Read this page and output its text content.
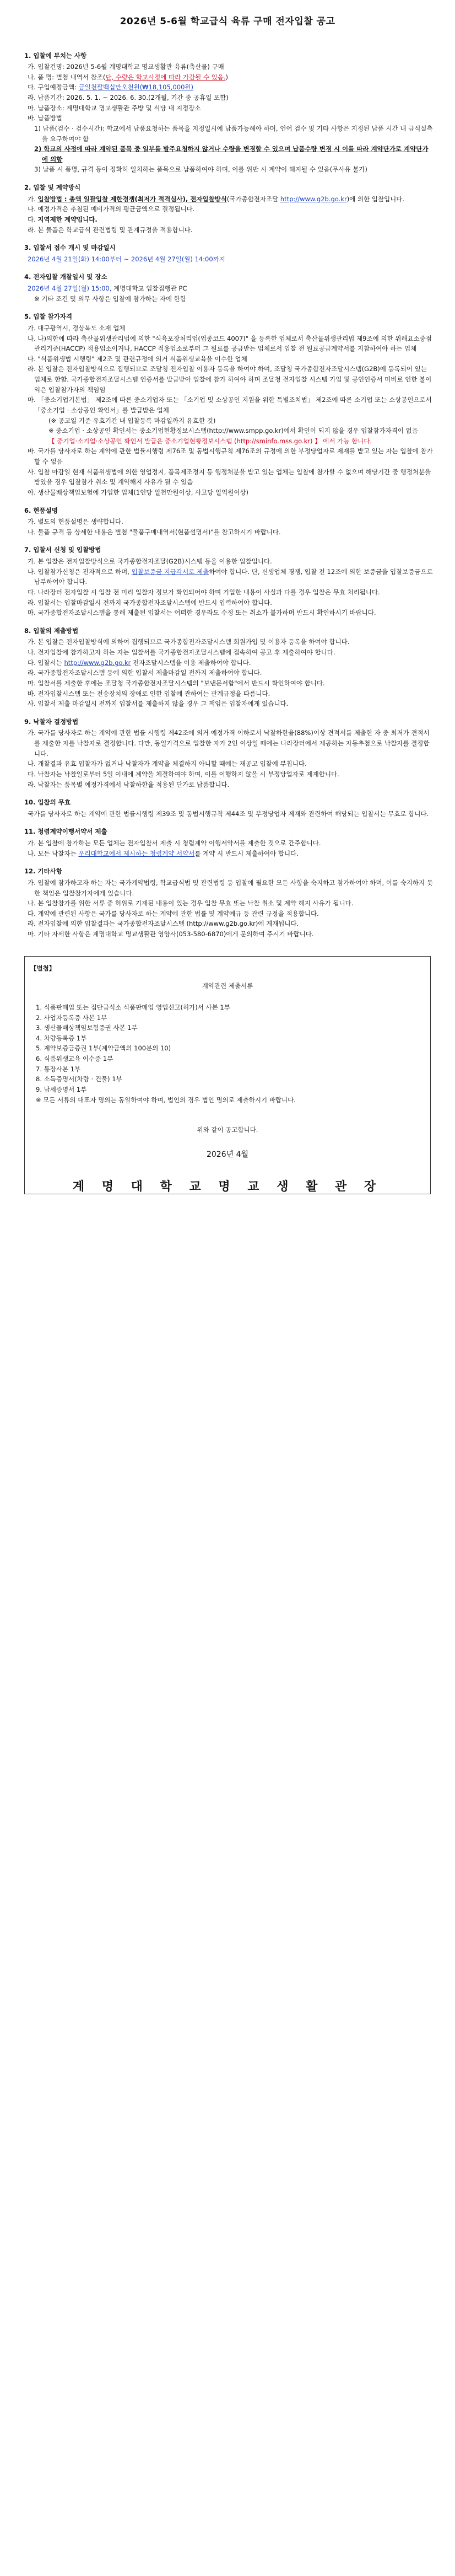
2026년 5-6월 학교급식 육류 구매 전자입찰 공고

1. 입찰에 부치는 사항

가. 입찰건명: 2026년 5-6월 계명대학교 명교생활관 육류(축산물) 구매

나. 품 명: 별첨 내역서 참조(단, 수량은 학교사정에 따라 가감될 수 있음.)

다. 구입예정금액: 금일천팔백십만오천원(₩18,105,000원)

라. 납품기간: 2026. 5. 1. ~ 2026. 6. 30.(2개월, 기간 중 공휴일 포함)

마. 납품장소: 계명대학교 명교생활관 주방 및 식당 내 지정장소

바. 납품방법

1) 납품(검수 · 검수시간): 학교에서 납품요청하는 품목을 지정일시에 납품가능해야 하며, 언어 검수 및 기타 사항은 지정된 납품 시간 내 급식실측을 요구하여야 함

2) 학교의 사정에 따라 계약된 품목 중 일부를 발주요청하지 않거나 수량을 변경할 수 있으며 납품수량 변경 시 이를 따라 계약단가로 계약단가에 의함

3) 납품 시 품명, 규격 등이 정확히 일치하는 품목으로 납품하여야 하며, 이를 위반 시 계약이 해지될 수 있음(무사유 불가)

2. 입찰 및 계약방식

가. 입찰방법 : 총액 일괄입찰 제한경쟁(최저가 적격심사), 전자입찰방식(국가종합전자조달 http://www.g2b.go.kr)에 의한 입찰입니다.

나. 예정가격은 추첨된 예비가격의 평균금액으로 결정됩니다.

다. 지역제한 계약입니다.

라. 본 물품은 학교급식 관련법령 및 관계규정을 적용합니다.

3. 입찰서 접수 개시 및 마감일시

2026년 4월 21일(화) 14:00부터 ~ 2026년 4월 27일(월) 14:00까지

4. 전자입찰 개찰일시 및 장소

2026년 4월 27일(월) 15:00, 계명대학교 입찰집행관 PC

※ 기타 조건 및 의무 사항은 입찰에 참가하는 자에 한함

5. 입찰 참가자격

가. 대구광역시, 경상북도 소재 업체

나. 나)의한에 따라 축산물위생관리법에 의한 "식육포장처리업(업종코드 4007)" 을 등록한 업체로서 축산물위생관리법 제9조에 의한 위해요소중점관리기준(HACCP) 적용업소이거나, HACCP 적용업소로부터 그 원료를 공급받는 업체로서 입찰 전 원료공급계약서를 지참하여야 하는 업체

다. "식품위생법 시행령" 제2조 및 관련규정에 의거 식품위생교육을 이수한 업체

라. 본 입찰은 전자입찰방식으로 집행되므로 조달청 전자입찰 이용자 등록을 하여야 하며, 조달청 국가종합전자조달시스템(G2B)에 등록되어 있는 업체로 한함. 국가종합전자조달시스템 인증서를 발급받아 입찰에 참가 하여야 하며 조달청 전자입찰 시스템 가입 및 공인인증서 미비로 인한 불이익은 입찰참가자의 책임임

마. 「중소기업기본법」 제2조에 따른 중소기업자 또는 「소기업 및 소상공인 지원을 위한 특별조치법」 제2조에 따른 소기업 또는 소상공인으로서 「중소기업 · 소상공인 확인서」를 발급받은 업체

(※ 공고일 기준 유효기간 내 입찰등록 마감일까지 유효한 것)

※ 중소기업 · 소상공인 확인서는 중소기업현황정보시스템(http://www.smpp.go.kr)에서 확인이 되지 않을 경우 입찰참가자격이 없음

【 중기업·소기업·소상공인 확인서 발급은 중소기업현황정보시스템 (http://sminfo.mss.go.kr) 】 에서 가능 합니다.

바. 국가를 당사자로 하는 계약에 관한 법률시행령 제76조 및 동법시행규칙 제76조의 규정에 의한 부정당업자로 제재를 받고 있는 자는 입찰에 참가할 수 없음

사. 입찰 마감일 현재 식품위생법에 의한 영업정지, 품목제조정지 등 행정처분을 받고 있는 업체는 입찰에 참가할 수 없으며 해당기간 중 행정처분을 받았을 경우 입찰참가 취소 및 계약해지 사유가 될 수 있음

아. 생산물배상책임보험에 가입한 업체(1인당 일천만원이상, 사고당 일억원이상)

6. 현품설명

가. 별도의 현품설명은 생략합니다.

나. 물품 규격 등 상세한 내용은 별첨 "물품구매내역서(현품설명서)"를 참고하시기 바랍니다.

7. 입찰서 신청 및 입찰방법

가. 본 입찰은 전자입찰방식으로 국가종합전자조달(G2B)시스템 등을 이용한 입찰입니다.

나. 입찰참가신청은 전자적으로 하며, 입찰보증금 지급각서로 제출하여야 합니다. 단, 신생업체 경쟁, 입찰 전 12조에 의한 보증금을 입찰보증금으로 납부하여야 합니다.

다. 나라장터 전자입찰 시 입찰 전 미리 입찰자 정보가 확인되어야 하며 기입한 내용이 사실과 다를 경우 입찰은 무효 처리됩니다.

라. 입찰서는 입찰마감일시 전까지 국가종합전자조달시스템에 반드시 입력하여야 합니다.

마. 국가종합전자조달시스템을 통해 제출된 입찰서는 어떠한 경우라도 수정 또는 취소가 불가하며 반드시 확인하시기 바랍니다.

8. 입찰의 제출방법

가. 본 입찰은 전자입찰방식에 의하여 집행되므로 국가종합전자조달시스템 회원가입 및 이용자 등록을 하여야 합니다.

나. 전자입찰에 참가하고자 하는 자는 입찰서를 국가종합전자조달시스템에 접속하여 공고 후 제출하여야 합니다.

다. 입찰서는 http://www.g2b.go.kr 전자조달시스템을 이용 제출하여야 합니다.

라. 국가종합전자조달시스템 등에 의한 입찰서 제출마감일 전까지 제출하여야 합니다.

마. 입찰서를 제출한 후에는 조달청 국가종합전자조달시스템의 "보낸문서함"에서 반드시 확인하여야 합니다.

바. 전자입찰시스템 또는 전송장치의 장애로 인한 입찰에 관하여는 관계규정을 따름니다.

사. 입찰서 제출 마감일시 전까지 입찰서를 제출하지 않을 경우 그 책임은 입찰자에게 있습니다.

9. 낙찰자 결정방법

가. 국가를 당사자로 하는 계약에 관한 법률 시행령 제42조에 의거 예정가격 이하로서 낙찰하한율(88%)이상 견적서를 제출한 자 중 최저가 견적서를 제출한 자를 낙찰자로 결정합니다. 다만, 동일가격으로 입찰한 자가 2인 이상일 때에는 나라장터에서 제공하는 자동추첨으로 낙찰자를 결정합니다.

나. 개찰결과 유효 입찰자가 없거나 낙찰자가 계약을 체결하지 아니할 때에는 재공고 입찰에 부칩니다.

다. 낙찰자는 낙찰일로부터 5일 이내에 계약을 체결하여야 하며, 이를 이행하지 않을 시 부정당업자로 제재합니다.

라. 낙찰자는 품목별 예정가격에서 낙찰하한율 적용된 단가로 납품합니다.

10. 입찰의 무효

국가를 당사자로 하는 계약에 관한 법률시행령 제39조 및 동법시행규칙 제44조 및 부정당업자 제재와 관련하여 해당되는 입찰서는 무효로 합니다.

11. 청렴계약이행서약서 제출

가. 본 입찰에 참가하는 모든 업체는 전자입찰서 제출 시 청렴계약 이행서약서를 제출한 것으로 간주합니다.

나. 모든 낙찰자는 우리대학교에서 제시하는 청렴계약 서약서를 계약 시 반드시 제출하여야 합니다.

12. 기타사항

가. 입찰에 참가하고자 하는 자는 국가계약법령, 학교급식법 및 관련법령 등 입찰에 필요한 모든 사항을 숙지하고 참가하여야 하며, 이를 숙지하지 못한 책임은 입찰참가자에게 있습니다.

나. 본 입찰참가를 위한 서류 중 허위로 기재된 내용이 있는 경우 입찰 무효 또는 낙찰 취소 및 계약 해지 사유가 됩니다.

다. 계약에 관련된 사항은 국가를 당사자로 하는 계약에 관한 법률 및 계약예규 등 관련 규정을 적용합니다.

라. 전자입찰에 의한 입찰결과는 국가종합전자조달시스템 (http://www.g2b.go.kr)에 게재됩니다.

마. 기타 자세한 사항은 계명대학교 명교생활관 영양사(053-580-6870)에게 문의하여 주시기 바랍니다.

【별첨】

계약관련 제출서류

1. 식품판매업 또는 집단급식소 식품판매업 영업신고(허가)서 사본 1부

2. 사업자등록증 사본 1부

3. 생산물배상책임보험증권 사본 1부

4. 차량등록증 1부

5. 계약보증금증권 1부(계약금액의 100분의 10)

6. 식품위생교육 이수증 1부

7. 통장사본 1부

8. 소득증명서(차량 · 건물) 1부

9. 납세증명서 1부

※ 모든 서류의 대표자 명의는 동일하여야 하며, 법인의 경우 법인 명의로 제출하시기 바랍니다.

위와 같이 공고합니다.

2026년 4월

계 명 대 학 교 명 교 생 활 관 장
